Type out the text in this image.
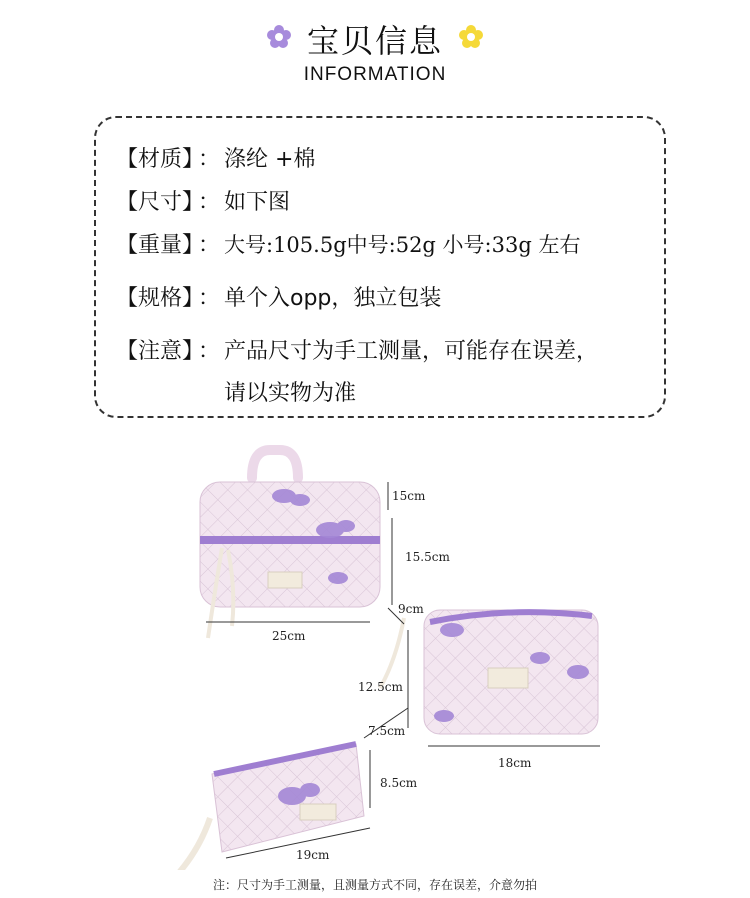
宝贝信息
INFORMATION
【材质】： 涤纶 +棉
【尺寸】： 如下图
【重量】： 大号:105.5g中号:52g 小号:33g 左右
【规格】： 单个入opp，独立包装
【注意】： 产品尺寸为手工测量，可能存在误差，
请以实物为准
15cm
15.5cm
25cm
9cm
12.5cm
18cm
7.5cm
8.5cm
19cm
注：尺寸为手工测量，且测量方式不同，存在误差，介意勿拍
